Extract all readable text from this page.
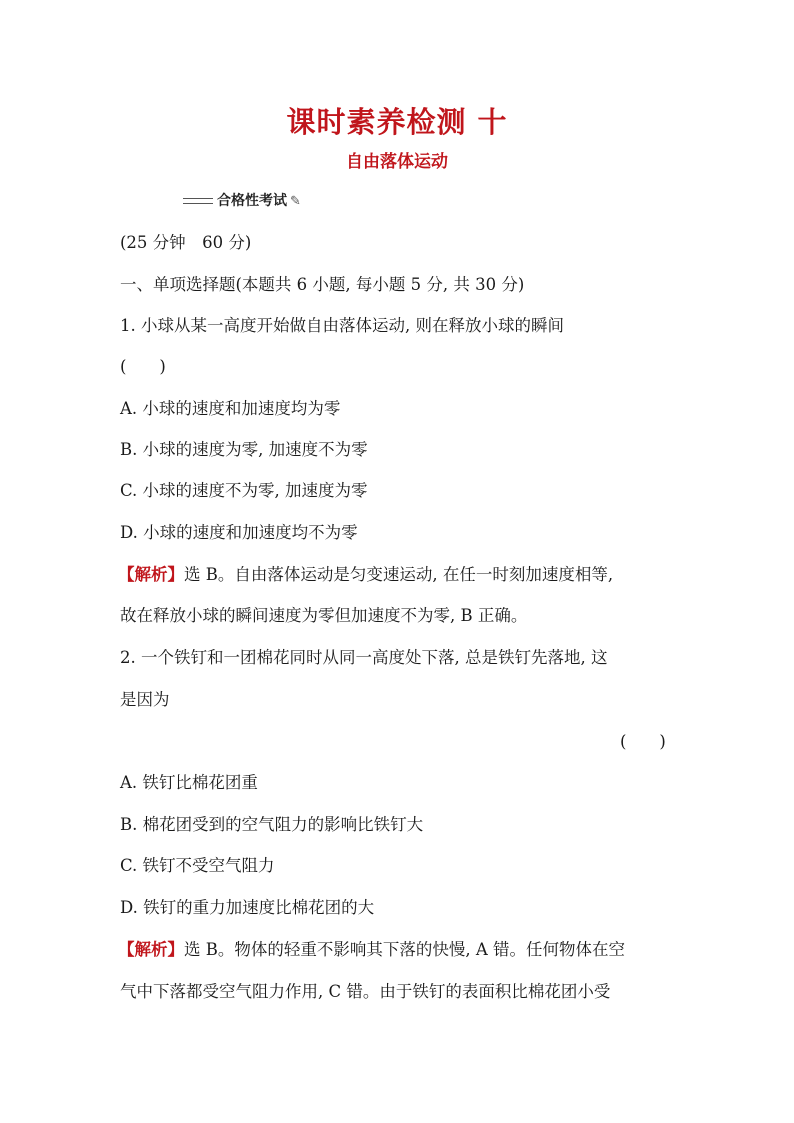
课时素养检测 十
自由落体运动
合格性考试 ✎
(25 分钟　60 分)
一、单项选择题(本题共 6 小题, 每小题 5 分, 共 30 分)
1. 小球从某一高度开始做自由落体运动, 则在释放小球的瞬间
(　　)
A. 小球的速度和加速度均为零
B. 小球的速度为零, 加速度不为零
C. 小球的速度不为零, 加速度为零
D. 小球的速度和加速度均不为零
【解析】选 B。自由落体运动是匀变速运动, 在任一时刻加速度相等,
故在释放小球的瞬间速度为零但加速度不为零, B 正确。
2. 一个铁钉和一团棉花同时从同一高度处下落, 总是铁钉先落地, 这
是因为
(　　)
A. 铁钉比棉花团重
B. 棉花团受到的空气阻力的影响比铁钉大
C. 铁钉不受空气阻力
D. 铁钉的重力加速度比棉花团的大
【解析】选 B。物体的轻重不影响其下落的快慢, A 错。任何物体在空
气中下落都受空气阻力作用, C 错。由于铁钉的表面积比棉花团小受
